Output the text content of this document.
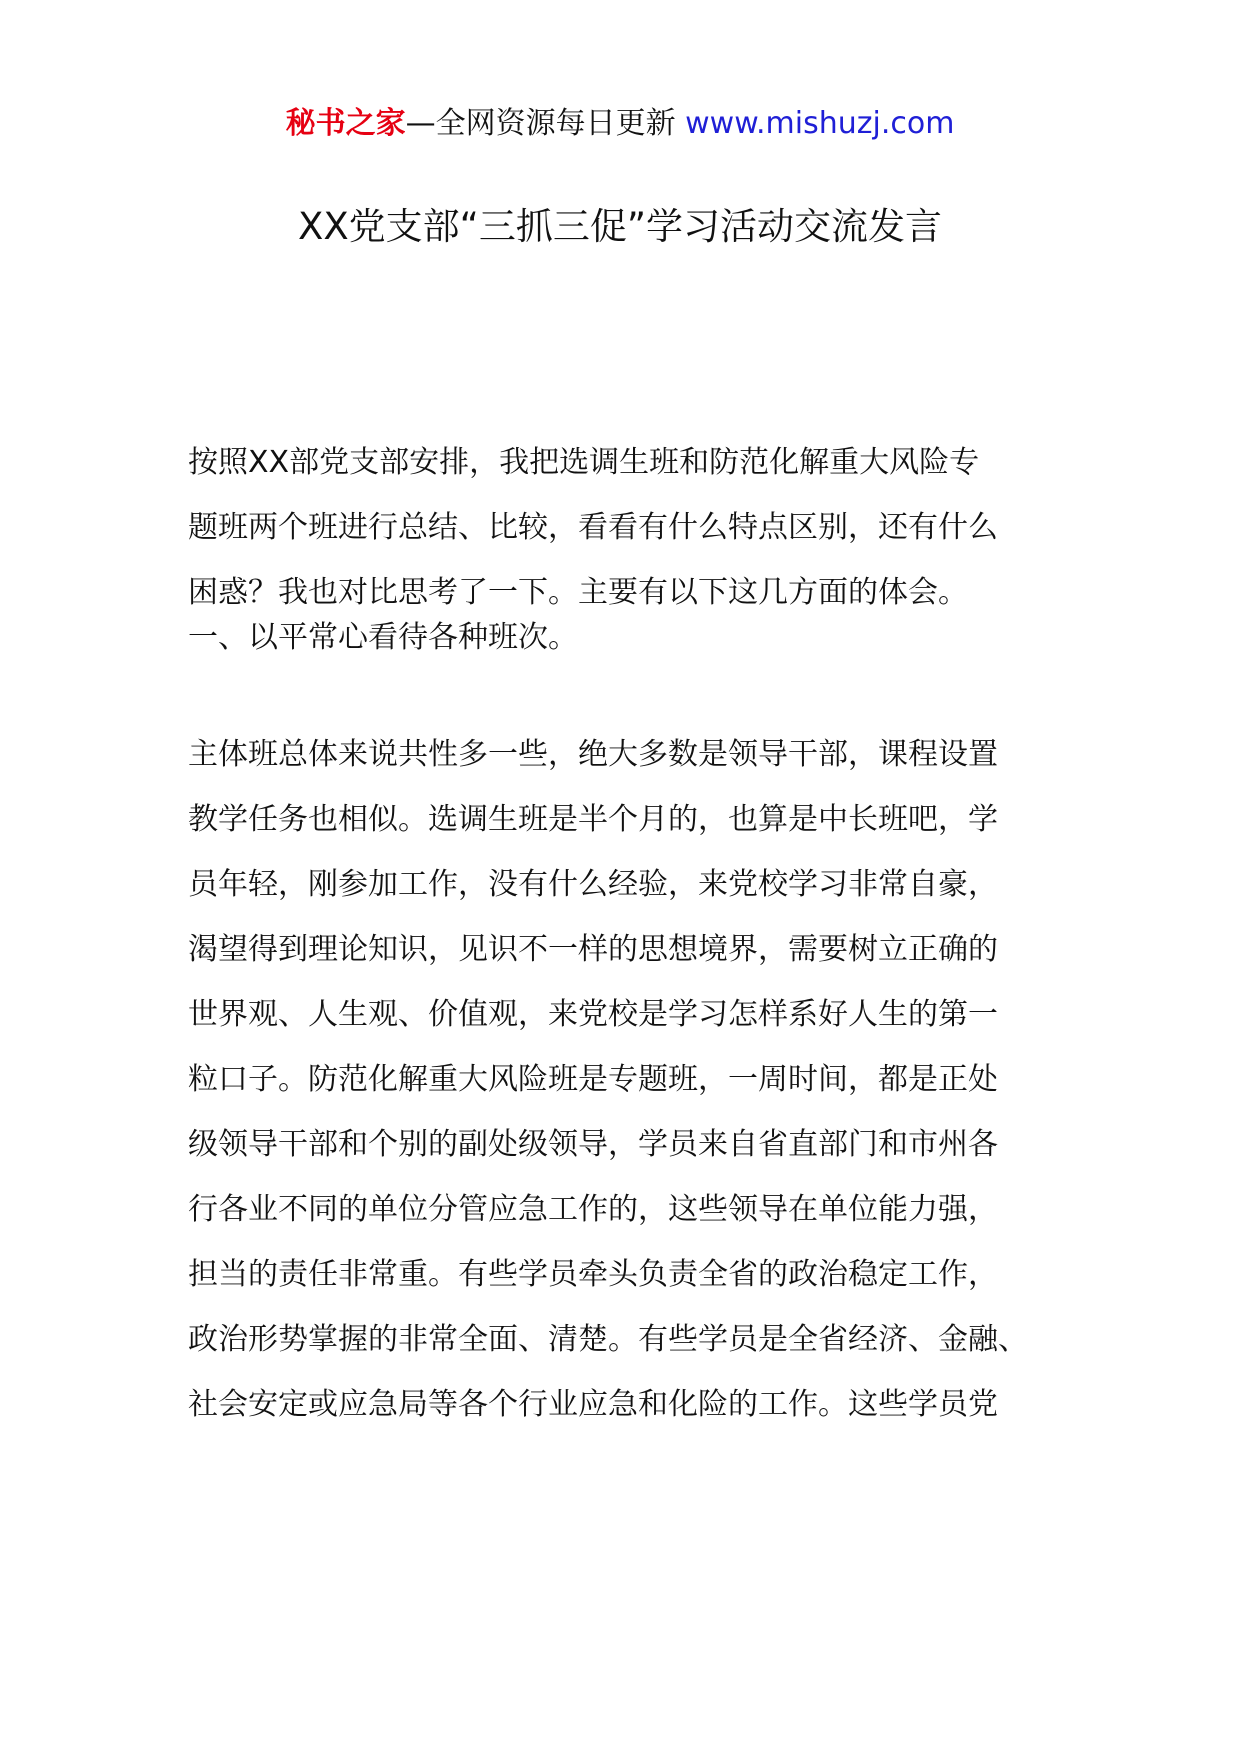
秘书之家—全网资源每日更新 www.mishuzj.com
XX党支部“三抓三促”学习活动交流发言
按照XX部党支部安排，我把选调生班和防范化解重大风险专
题班两个班进行总结、比较，看看有什么特点区别，还有什么
困惑？我也对比思考了一下。主要有以下这几方面的体会。
一、以平常心看待各种班次。
主体班总体来说共性多一些，绝大多数是领导干部，课程设置
教学任务也相似。选调生班是半个月的，也算是中长班吧，学
员年轻，刚参加工作，没有什么经验，来党校学习非常自豪，
渴望得到理论知识，见识不一样的思想境界，需要树立正确的
世界观、人生观、价值观，来党校是学习怎样系好人生的第一
粒口子。防范化解重大风险班是专题班，一周时间，都是正处
级领导干部和个别的副处级领导，学员来自省直部门和市州各
行各业不同的单位分管应急工作的，这些领导在单位能力强，
担当的责任非常重。有些学员牵头负责全省的政治稳定工作，
政治形势掌握的非常全面、清楚。有些学员是全省经济、金融、
社会安定或应急局等各个行业应急和化险的工作。这些学员党
